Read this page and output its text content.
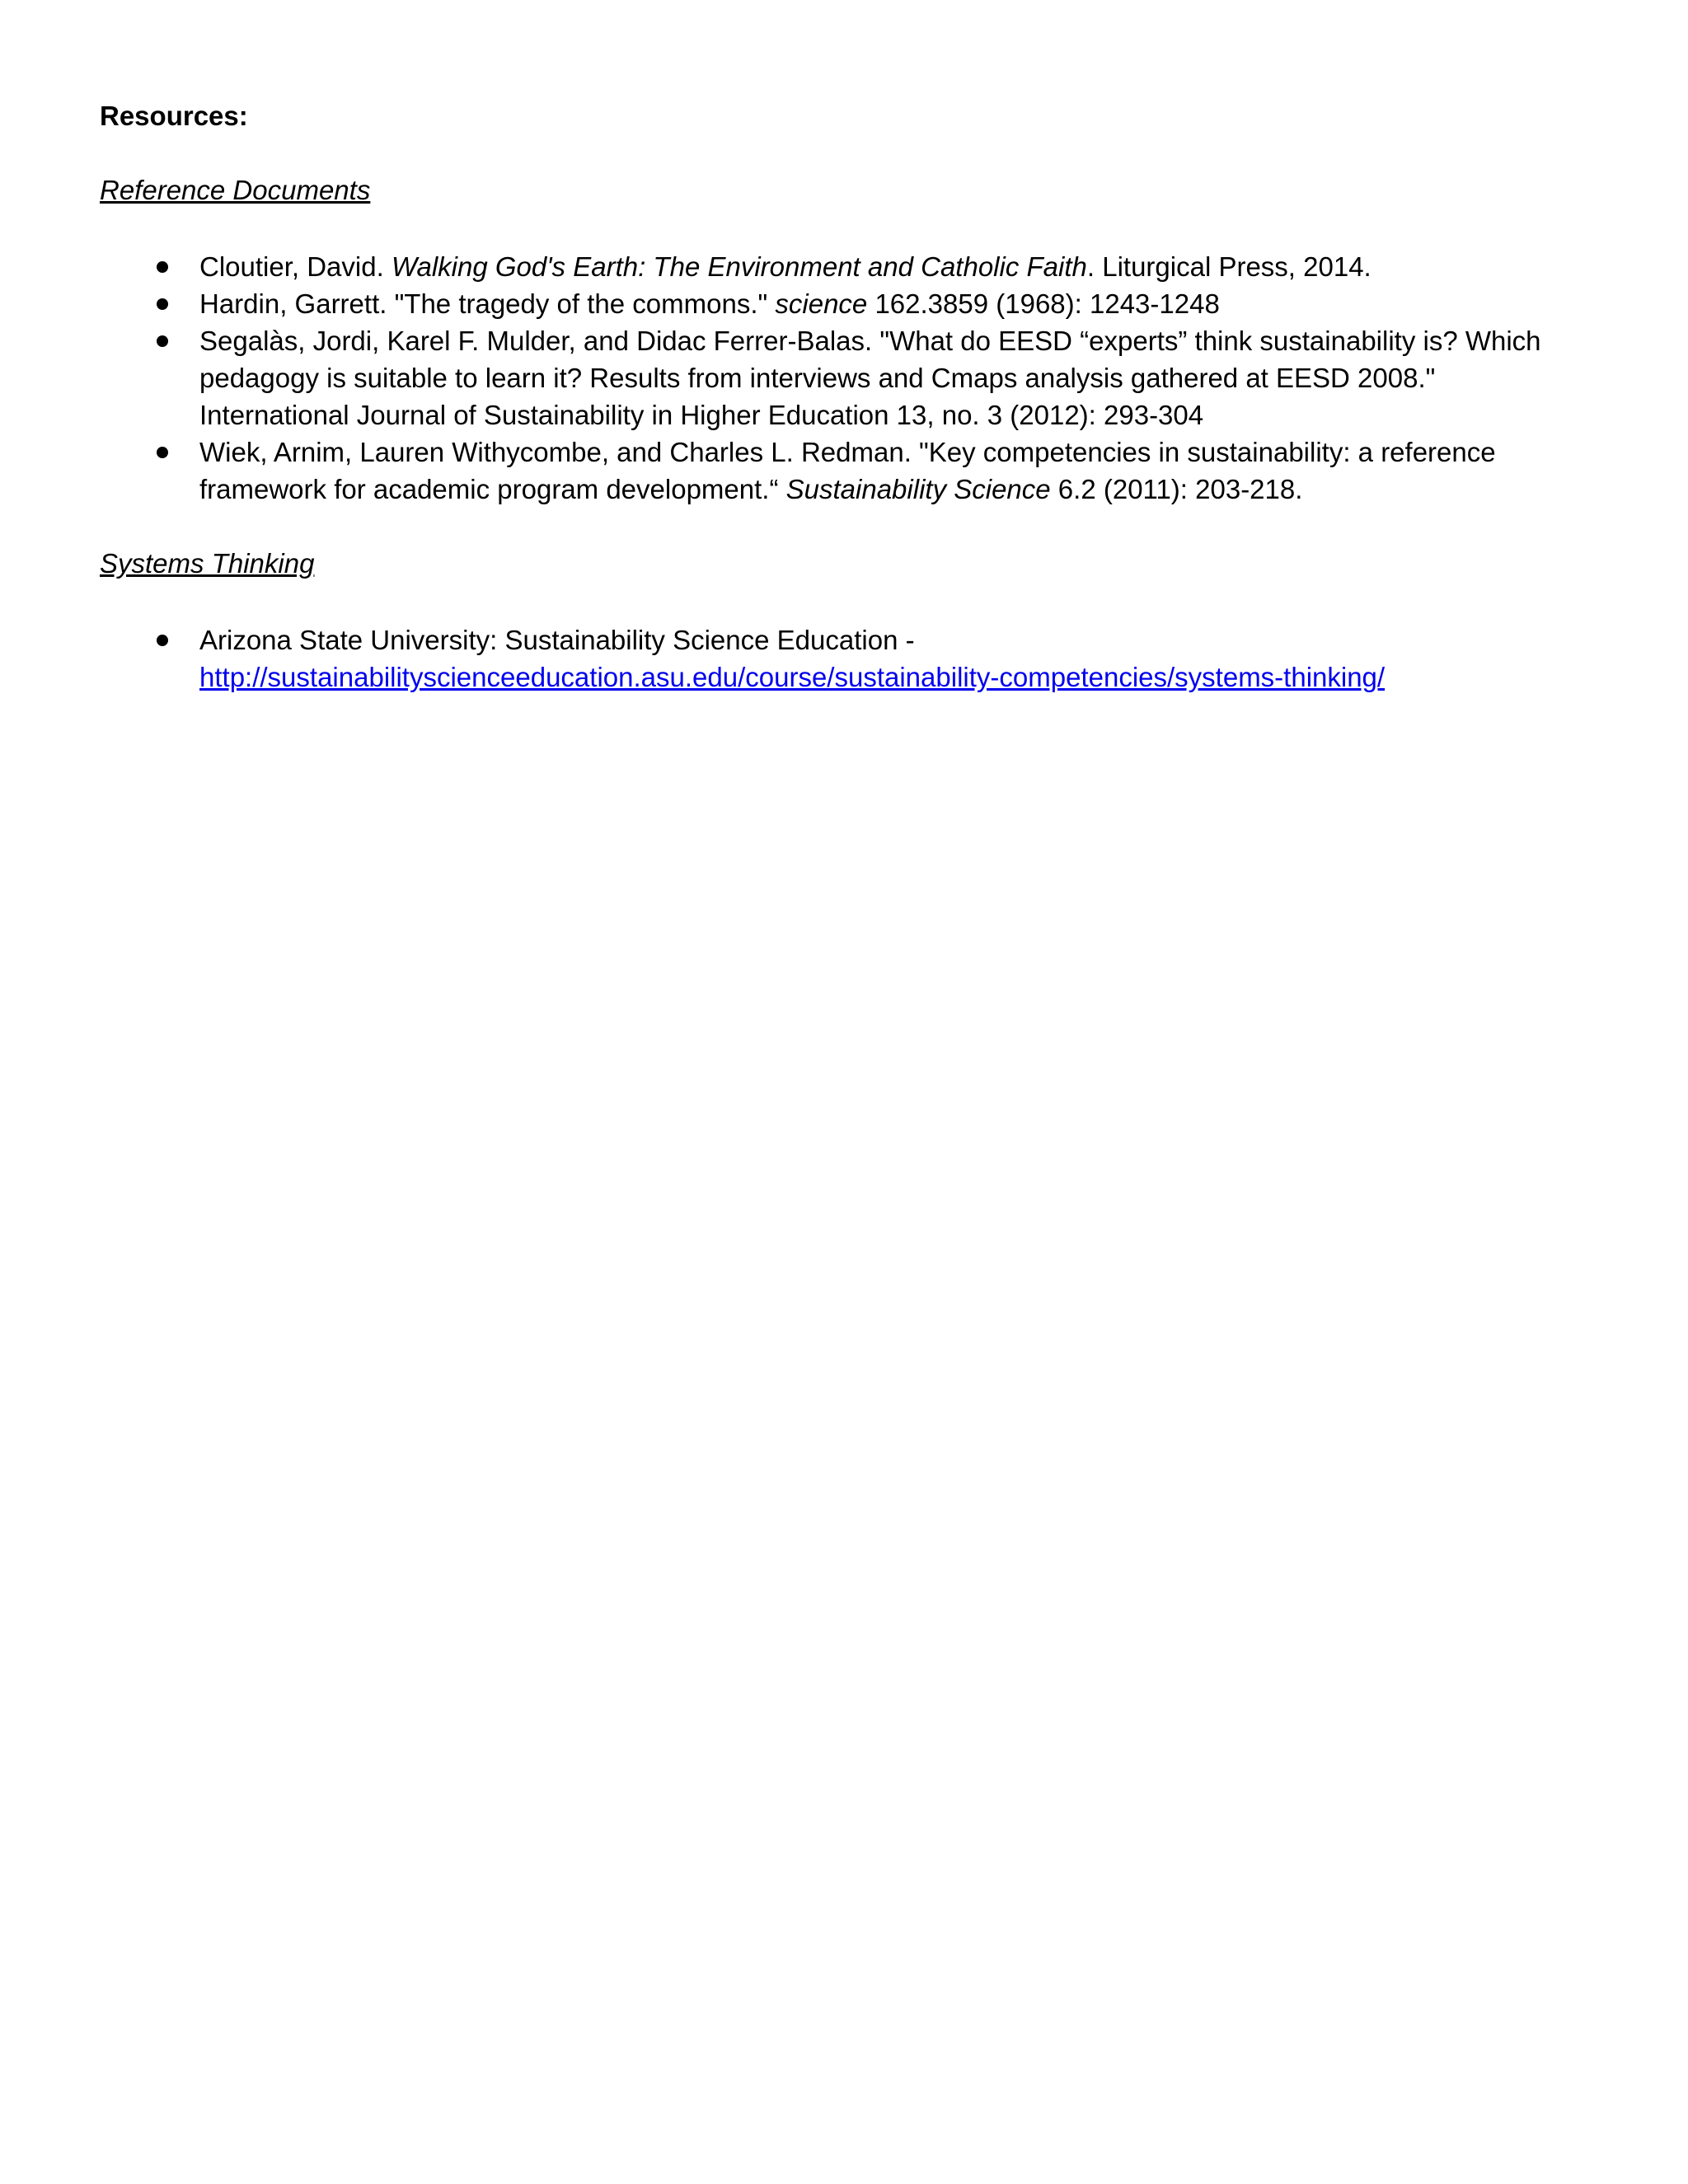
Resources:

Reference Documents

Cloutier, David. Walking God's Earth: The Environment and Catholic Faith. Liturgical Press, 2014.
Hardin, Garrett. "The tragedy of the commons." science 162.3859 (1968): 1243-1248
Segalàs, Jordi, Karel F. Mulder, and Didac Ferrer-Balas. "What do EESD “experts” think sustainability is? Which pedagogy is suitable to learn it? Results from interviews and Cmaps analysis gathered at EESD 2008." International Journal of Sustainability in Higher Education 13, no. 3 (2012): 293-304
Wiek, Arnim, Lauren Withycombe, and Charles L. Redman. "Key competencies in sustainability: a reference framework for academic program development.“ Sustainability Science 6.2 (2011): 203-218.

Systems Thinking

Arizona State University: Sustainability Science Education -
http://sustainabilityscienceeducation.asu.edu/course/sustainability-competencies/systems-thinking/
